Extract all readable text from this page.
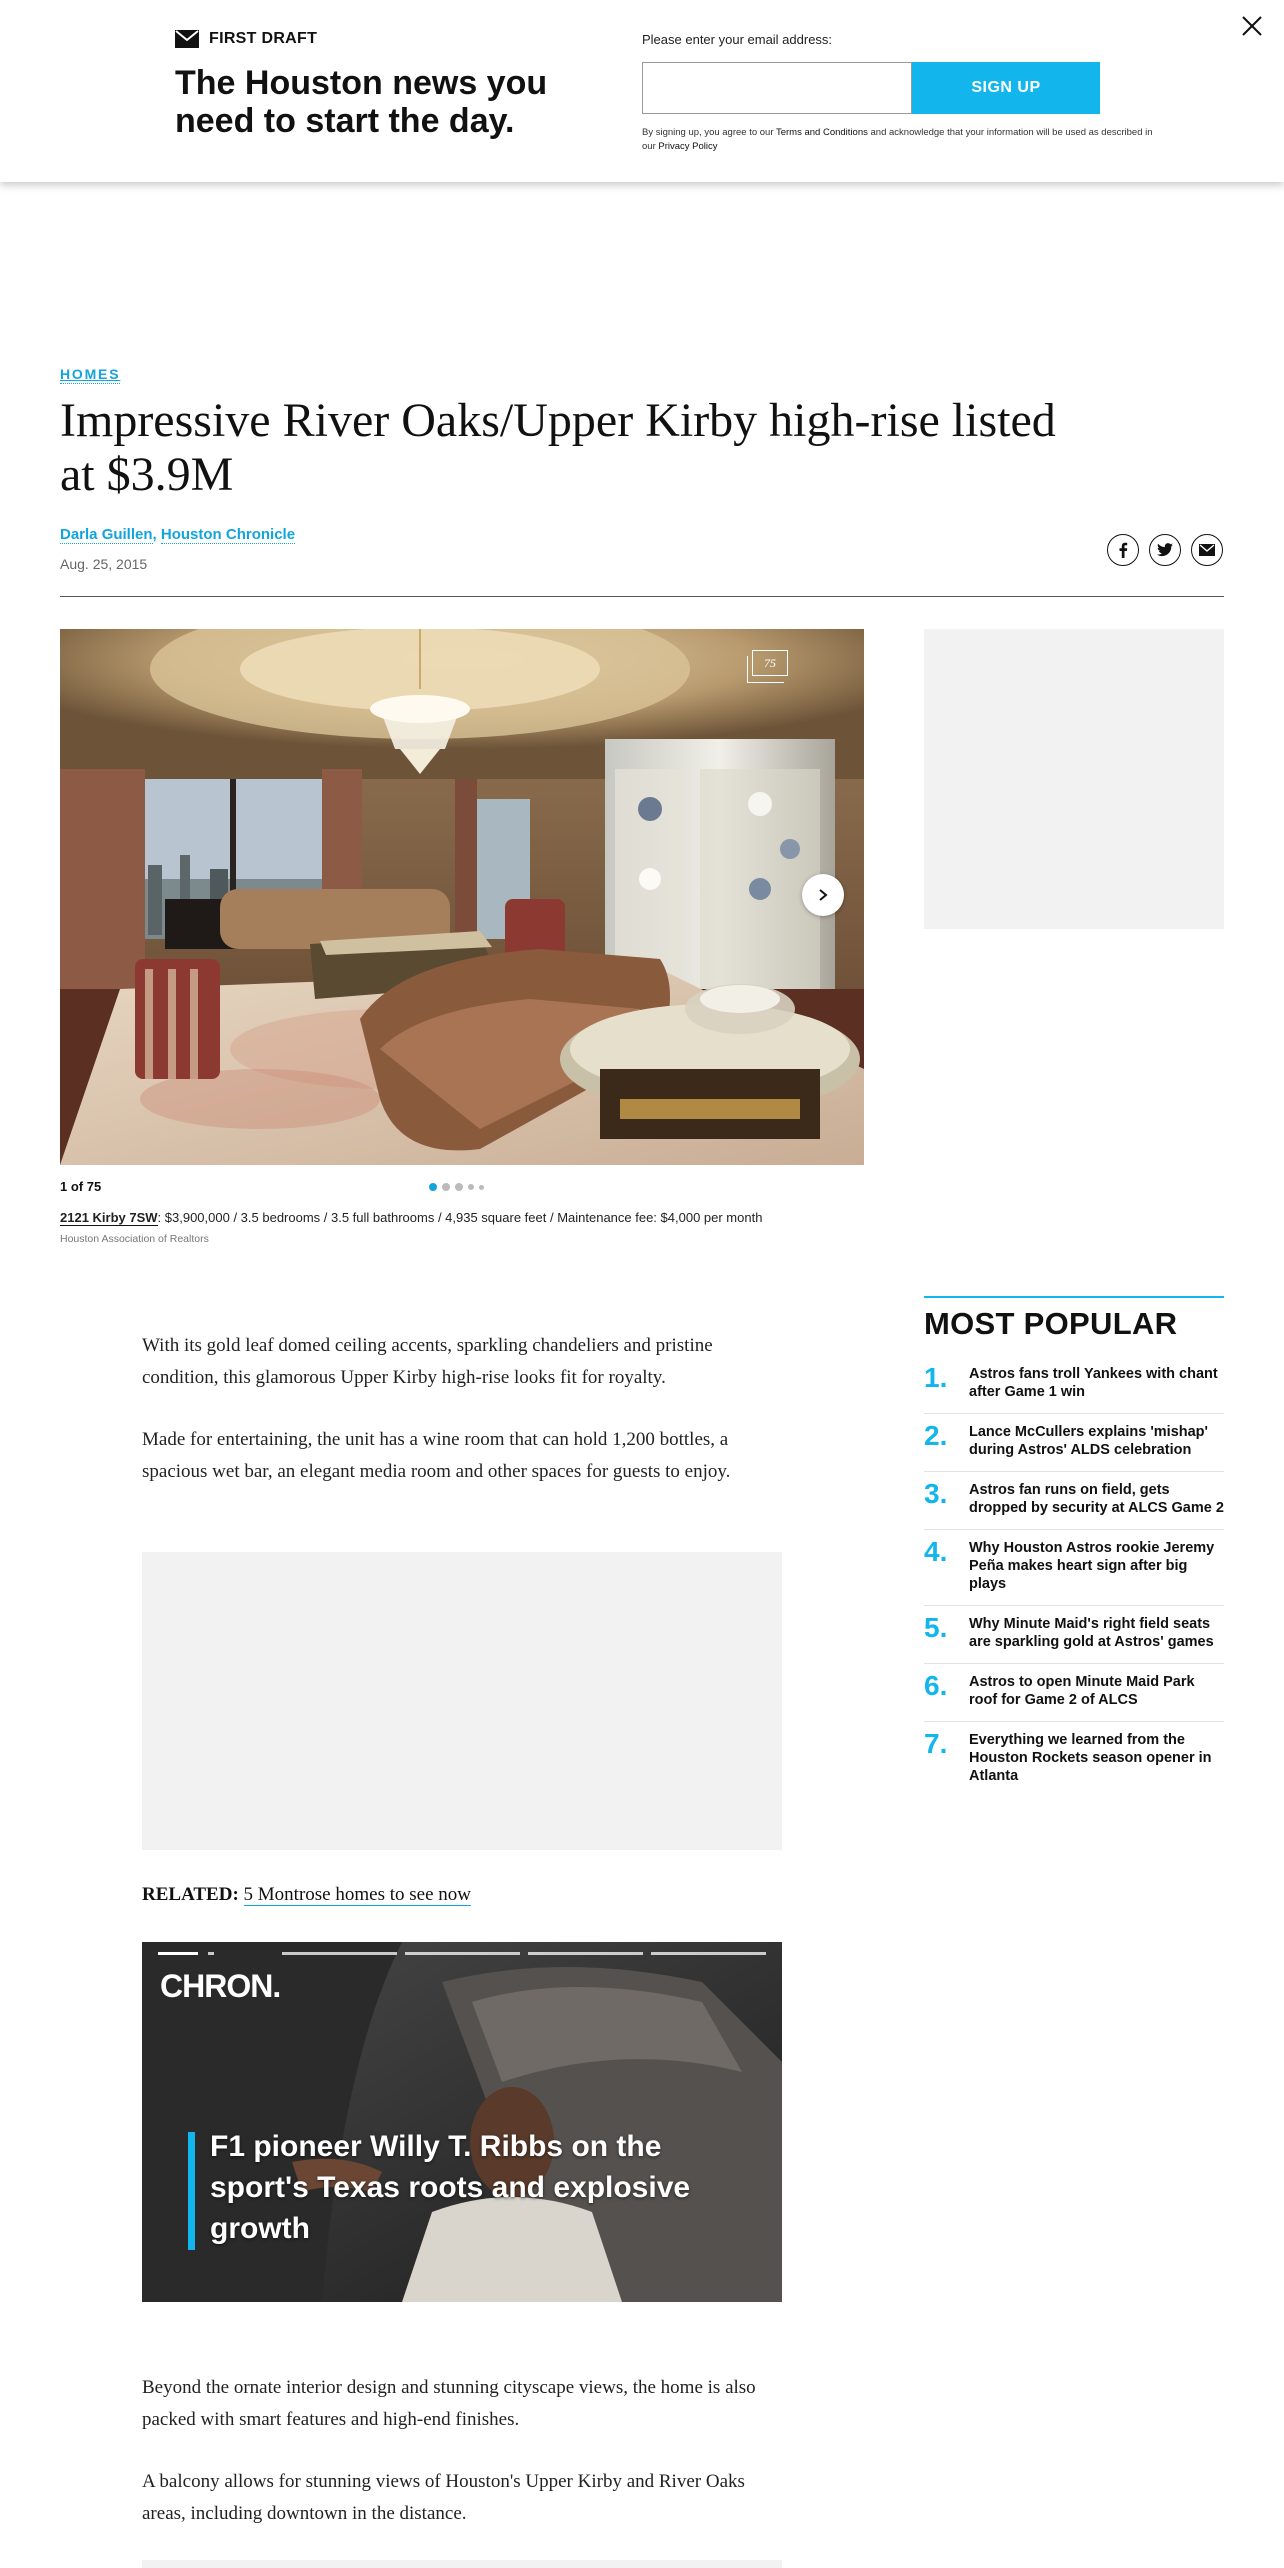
FIRST DRAFT
The Houston news you need to start the day.
Please enter your email address:
SIGN UP
By signing up, you agree to our Terms and Conditions and acknowledge that your information will be used as described in our Privacy Policy
HOMES
Impressive River Oaks/Upper Kirby high-rise listed at $3.9M
Darla Guillen, Houston Chronicle
Aug. 25, 2015
75
1 of 75
2121 Kirby 7SW: $3,900,000 / 3.5 bedrooms / 3.5 full bathrooms / 4,935 square feet / Maintenance fee: $4,000 per month
Houston Association of Realtors

With its gold leaf domed ceiling accents, sparkling chandeliers and pristine condition, this glamorous Upper Kirby high-rise looks fit for royalty.

Made for entertaining, the unit has a wine room that can hold 1,200 bottles, a spacious wet bar, an elegant media room and other spaces for guests to enjoy.

RELATED: 5 Montrose homes to see now
CHRON.
F1 pioneer Willy T. Ribbs on the sport's Texas roots and explosive growth

Beyond the ornate interior design and stunning cityscape views, the home is also packed with smart features and high-end finishes.

A balcony allows for stunning views of Houston's Upper Kirby and River Oaks areas, including downtown in the distance.

MOST POPULAR
1.	Astros fans troll Yankees with chant after Game 1 win
2.	Lance McCullers explains 'mishap' during Astros' ALDS celebration
3.	Astros fan runs on field, gets dropped by security at ALCS Game 2
4.	Why Houston Astros rookie Jeremy Peña makes heart sign after big plays
5.	Why Minute Maid's right field seats are sparkling gold at Astros' games
6.	Astros to open Minute Maid Park roof for Game 2 of ALCS
7.	Everything we learned from the Houston Rockets season opener in Atlanta
